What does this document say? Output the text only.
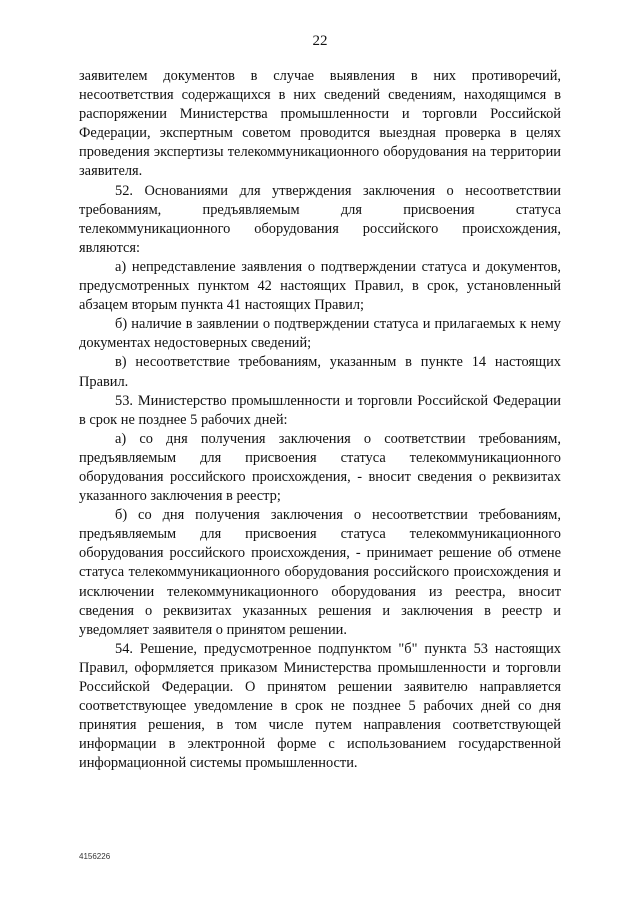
22

заявителем документов в случае выявления в них противоречий, несоответствия содержащихся в них сведений сведениям, находящимся в распоряжении Министерства промышленности и торговли Российской Федерации, экспертным советом проводится выездная проверка в целях проведения экспертизы телекоммуникационного оборудования на территории заявителя.

52. Основаниями для утверждения заключения о несоответствии требованиям, предъявляемым для присвоения статуса телекоммуникационного оборудования российского происхождения, являются:

а) непредставление заявления о подтверждении статуса и документов, предусмотренных пунктом 42 настоящих Правил, в срок, установленный абзацем вторым пункта 41 настоящих Правил;

б) наличие в заявлении о подтверждении статуса и прилагаемых к нему документах недостоверных сведений;

в) несоответствие требованиям, указанным в пункте 14 настоящих Правил.

53. Министерство промышленности и торговли Российской Федерации в срок не позднее 5 рабочих дней:

а) со дня получения заключения о соответствии требованиям, предъявляемым для присвоения статуса телекоммуникационного оборудования российского происхождения, - вносит сведения о реквизитах указанного заключения в реестр;

б) со дня получения заключения о несоответствии требованиям, предъявляемым для присвоения статуса телекоммуникационного оборудования российского происхождения, - принимает решение об отмене статуса телекоммуникационного оборудования российского происхождения и исключении телекоммуникационного оборудования из реестра, вносит сведения о реквизитах указанных решения и заключения в реестр и уведомляет заявителя о принятом решении.

54. Решение, предусмотренное подпунктом "б" пункта 53 настоящих Правил, оформляется приказом Министерства промышленности и торговли Российской Федерации. О принятом решении заявителю направляется соответствующее уведомление в срок не позднее 5 рабочих дней со дня принятия решения, в том числе путем направления соответствующей информации в электронной форме с использованием государственной информационной системы промышленности.

4156226
